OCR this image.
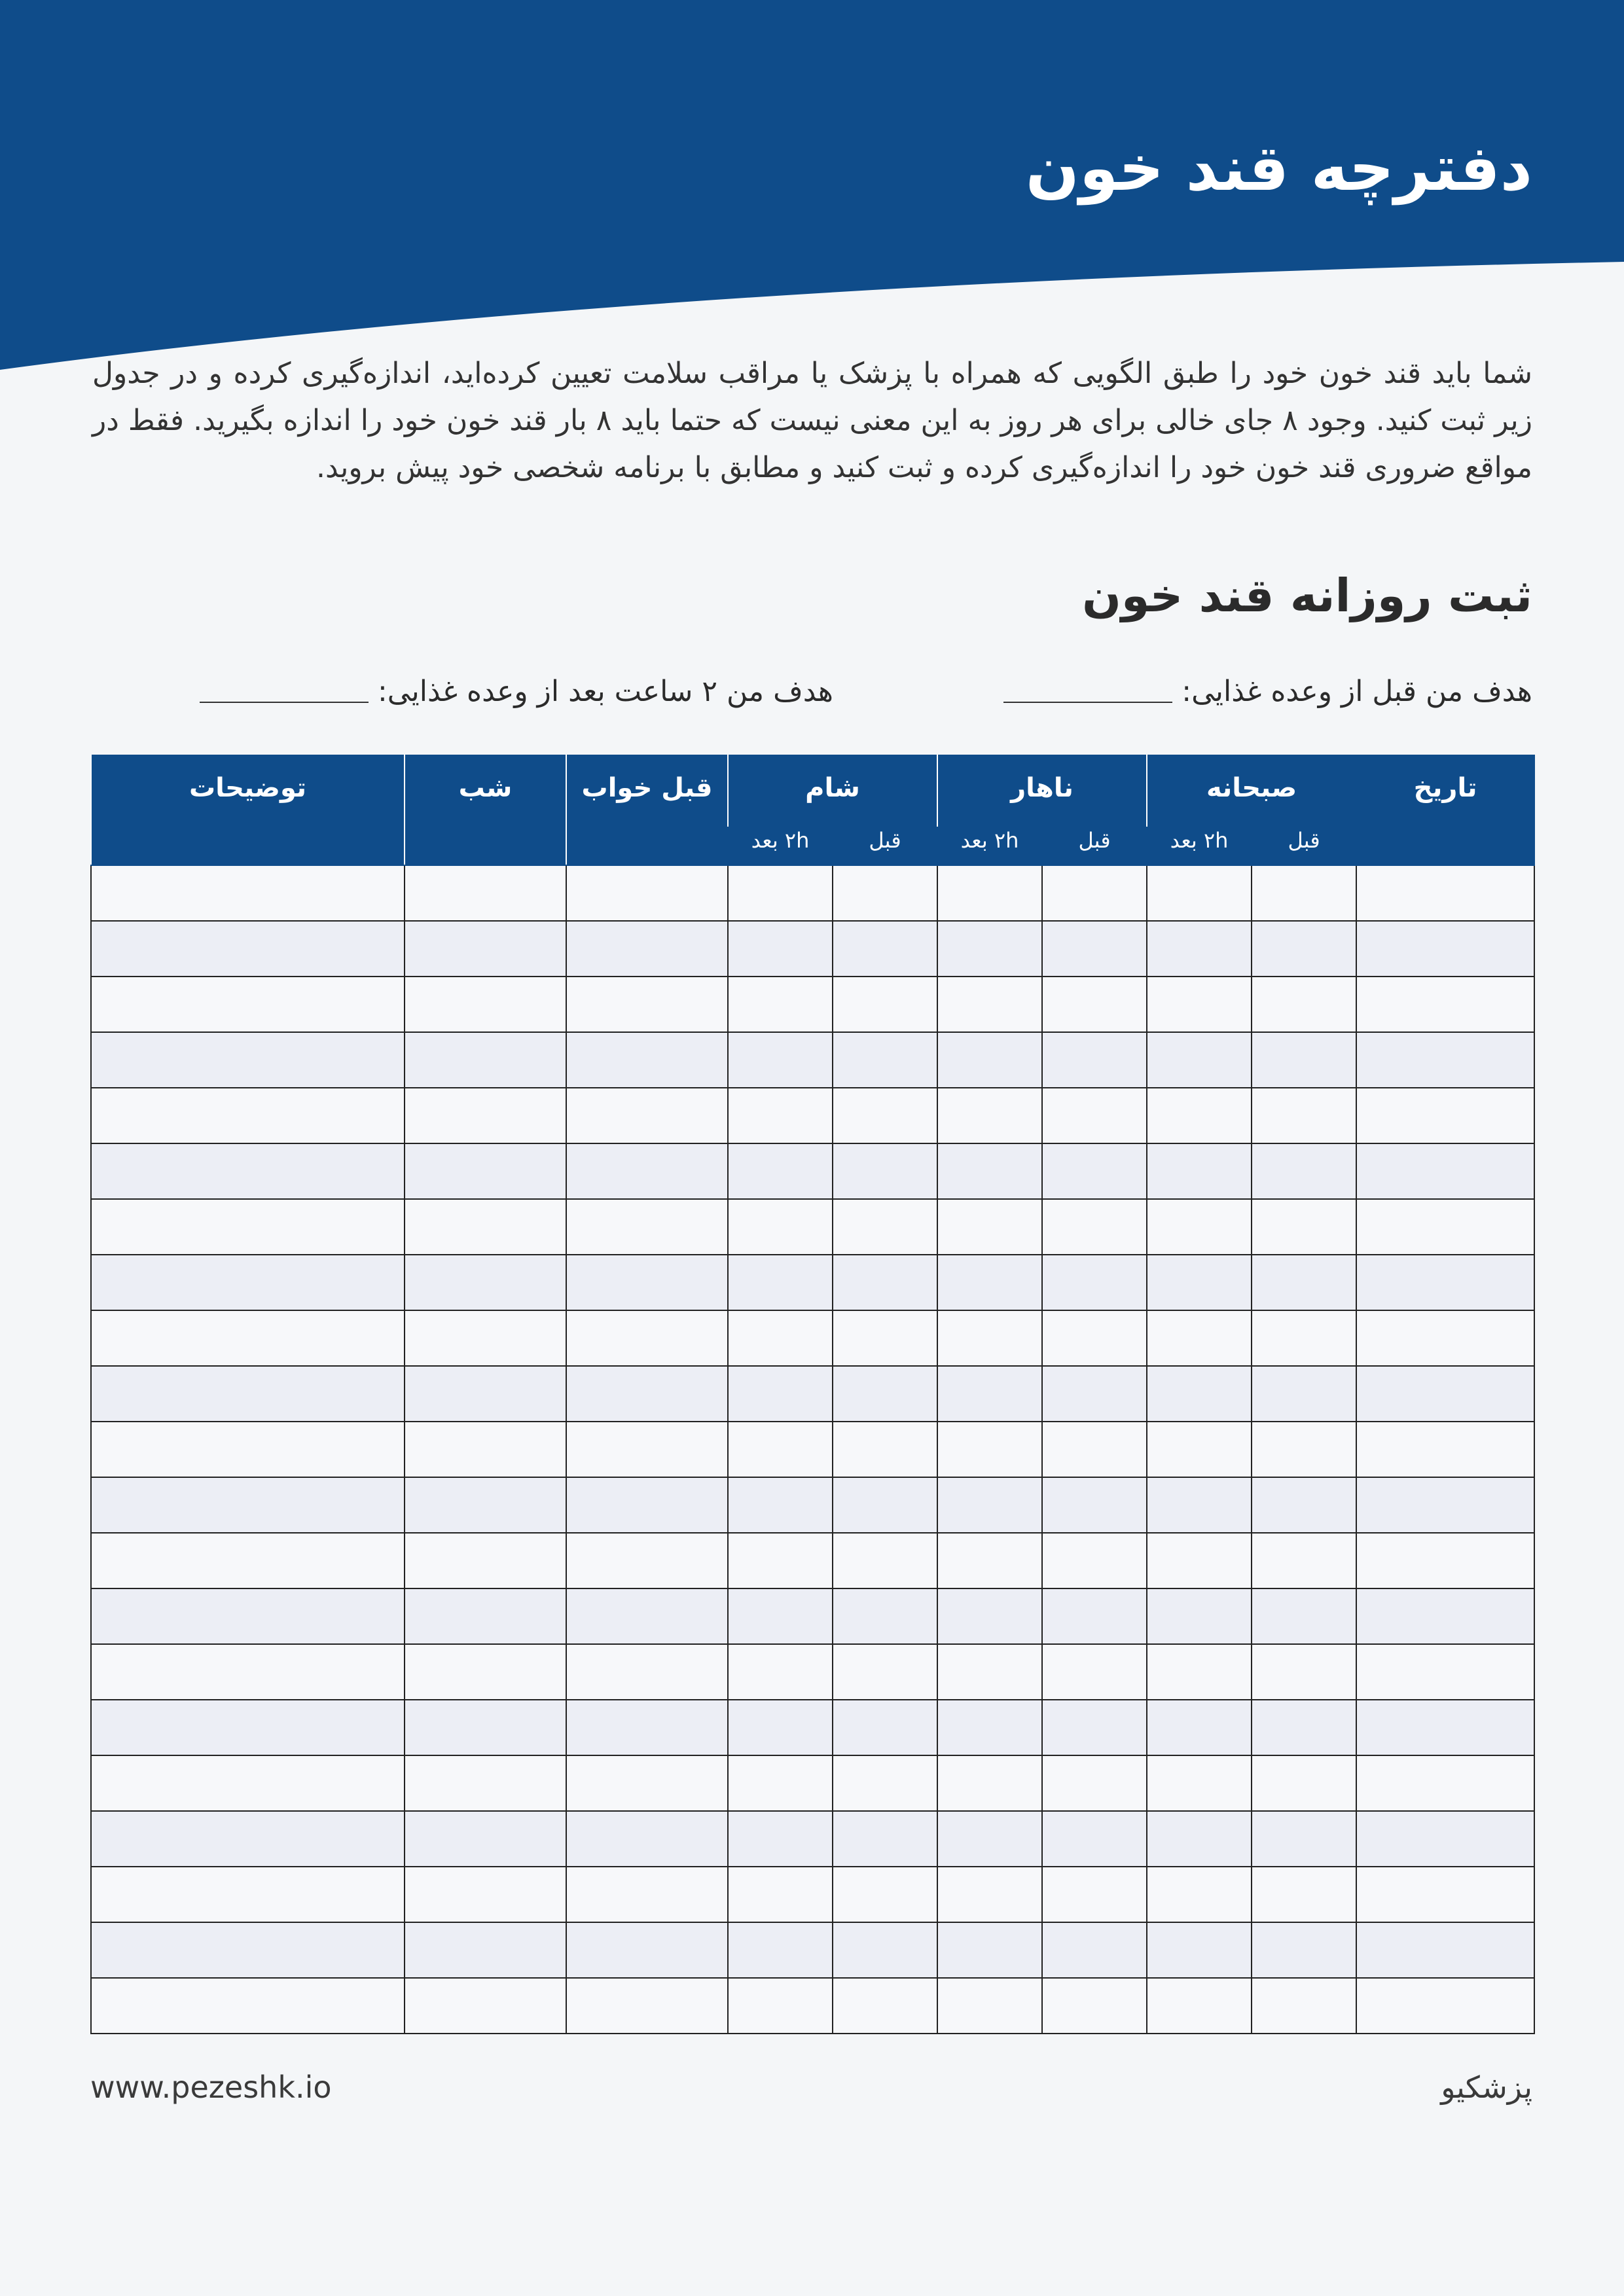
دفترچه قند خون

شما باید قند خون خود را طبق الگویی که همراه با پزشک یا مراقب سلامت تعیین کرده‌اید، اندازه‌گیری کرده و در جدول زیر ثبت کنید. وجود ۸ جای خالی برای هر روز به این معنی نیست که حتما باید ۸ بار قند خون خود را اندازه بگیرید. فقط در مواقع ضروری قند خون خود را اندازه‌گیری کرده و ثبت کنید و مطابق با برنامه شخصی خود پیش بروید.

ثبت روزانه قند خون
هدف من قبل از وعده غذایی:
هدف من ۲ ساعت بعد از وعده غذایی:
تاریخ	صبحانه		ناهار		شام		قبل خواب	شب	توضیحات
	قبل	۲h بعد	قبل	۲h بعد	قبل	۲h بعد			

www.pezeshk.io	پزشکیو
